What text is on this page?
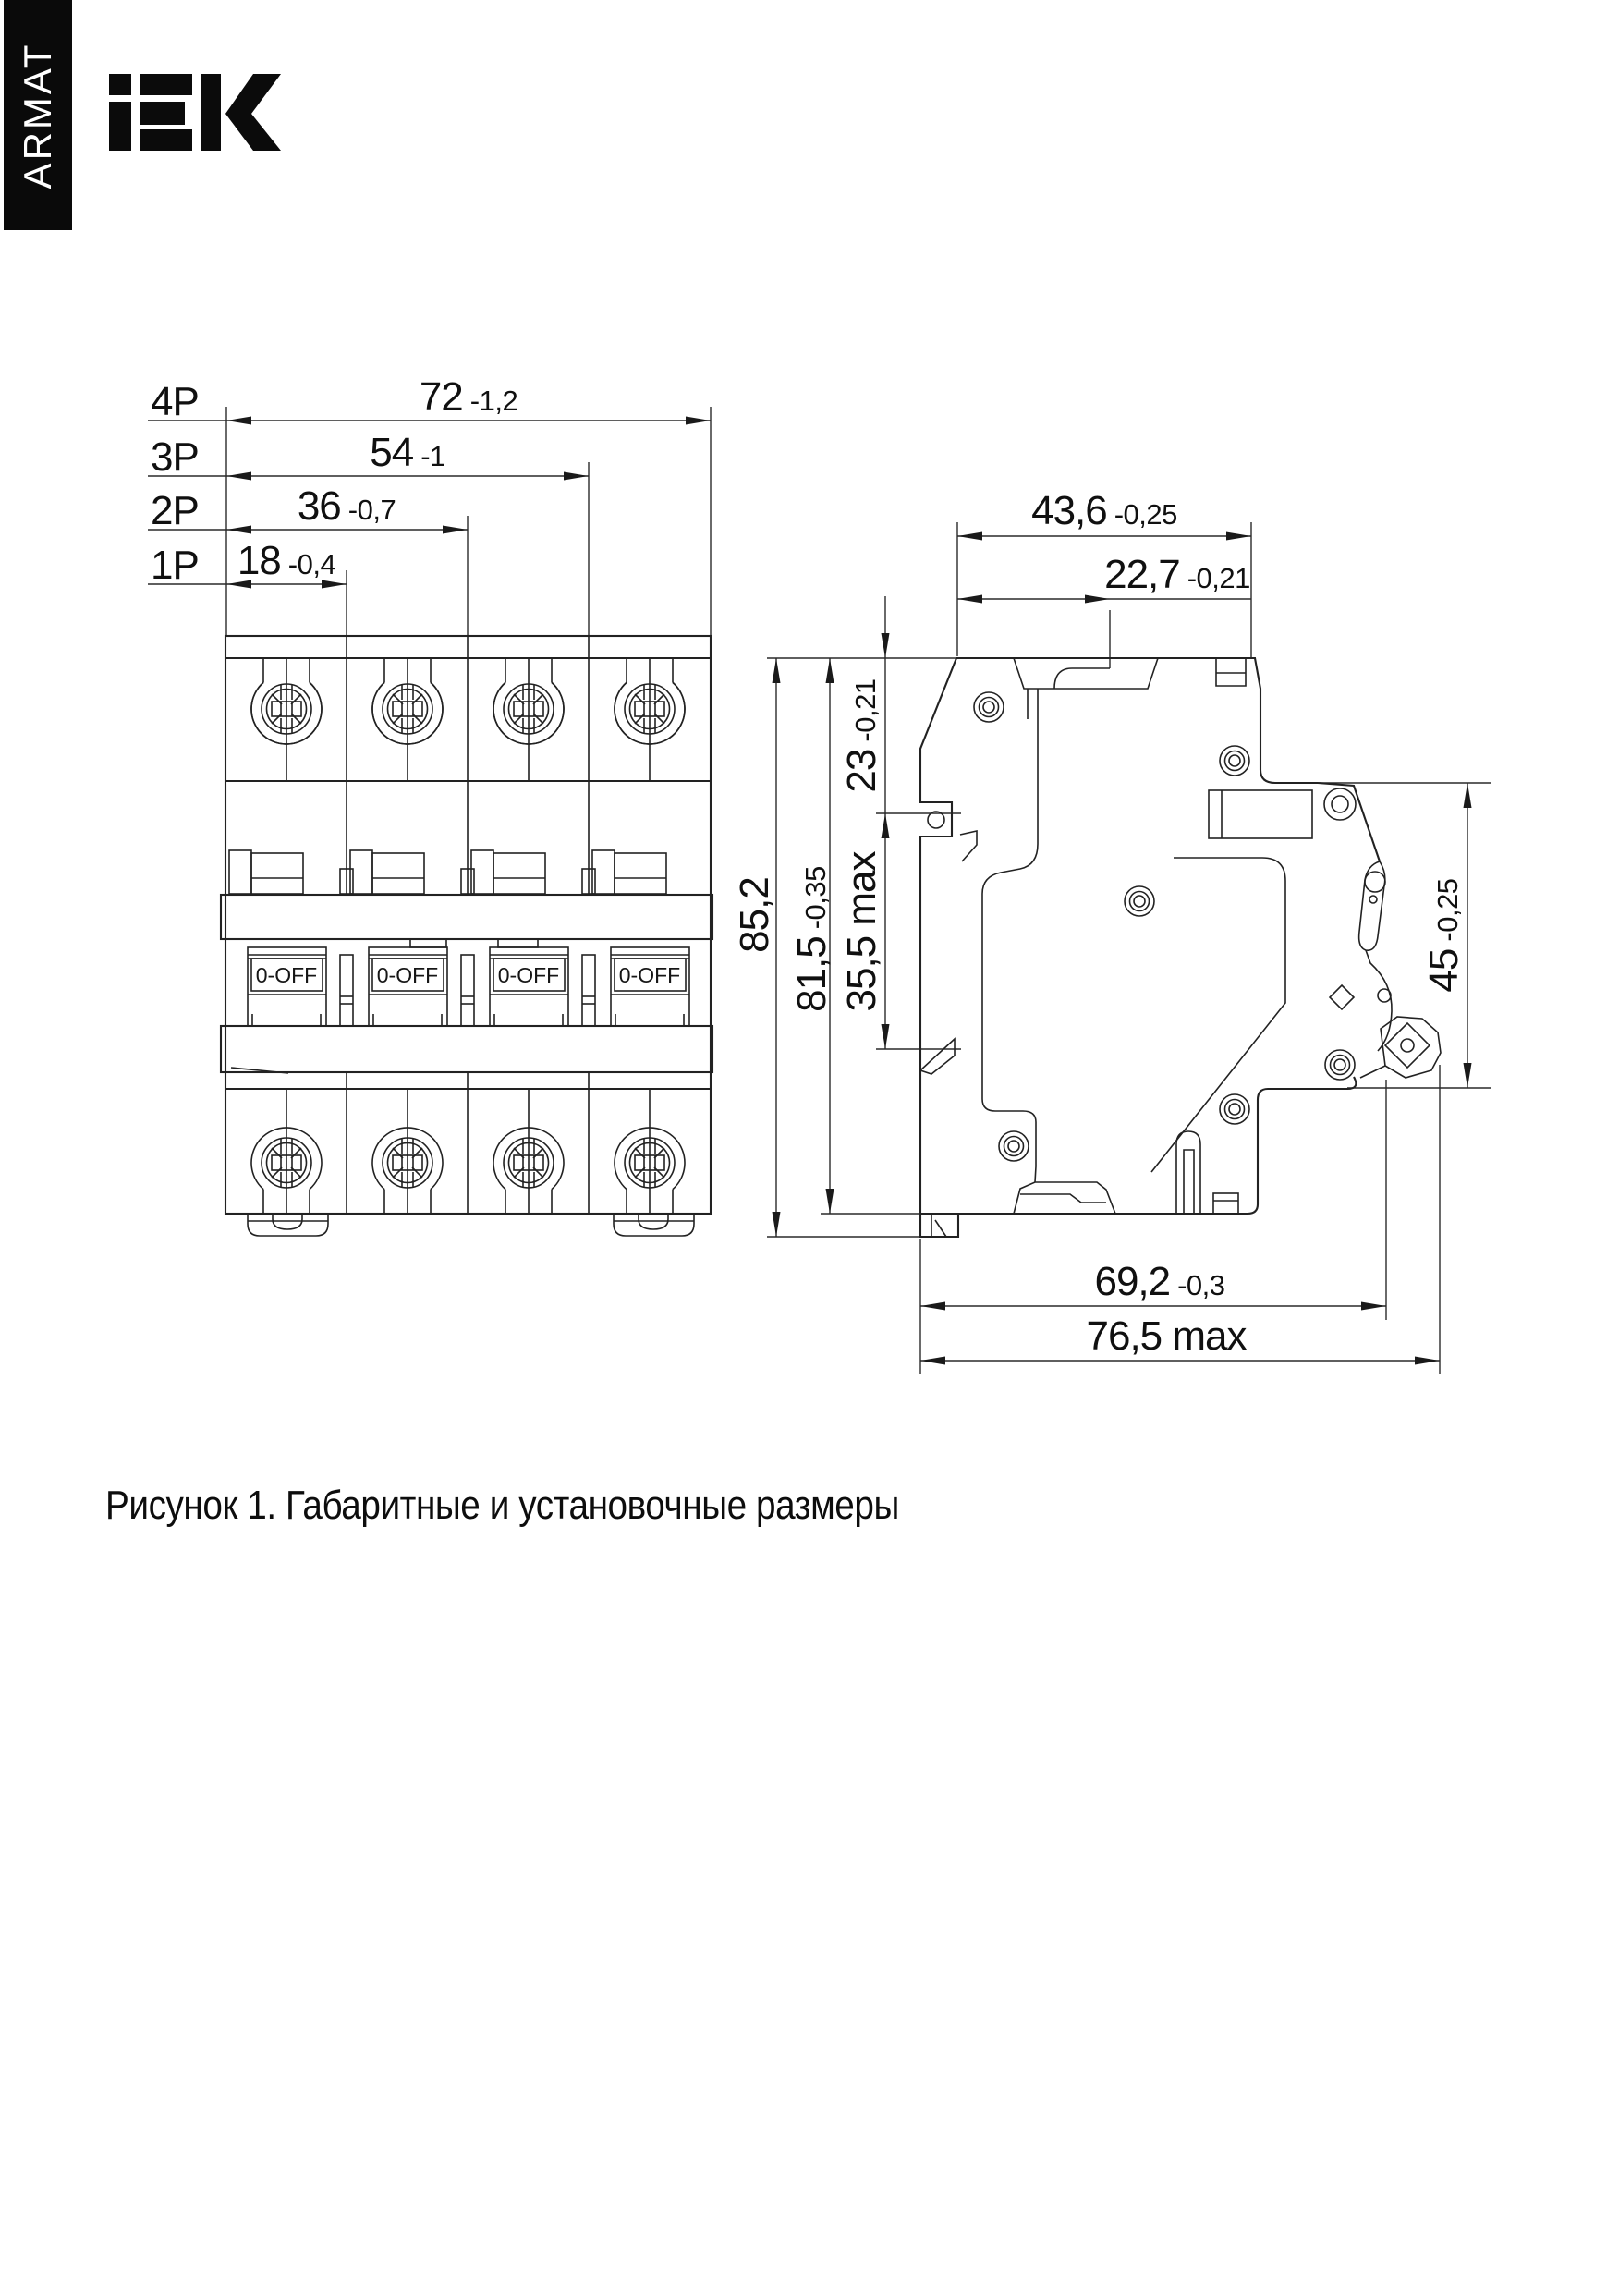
ARMAT
0-OFF
4P
3P
2P
1P
72 -1,2
54 -1
36 -0,7
18 -0,4
43,6 -0,25
22,7 -0,21
23-0,21
35,5 max
85,2
81,5-0,35
45-0,25
69,2 -0,3
76,5 max
Рисунок 1. Габаритные и установочные размеры
